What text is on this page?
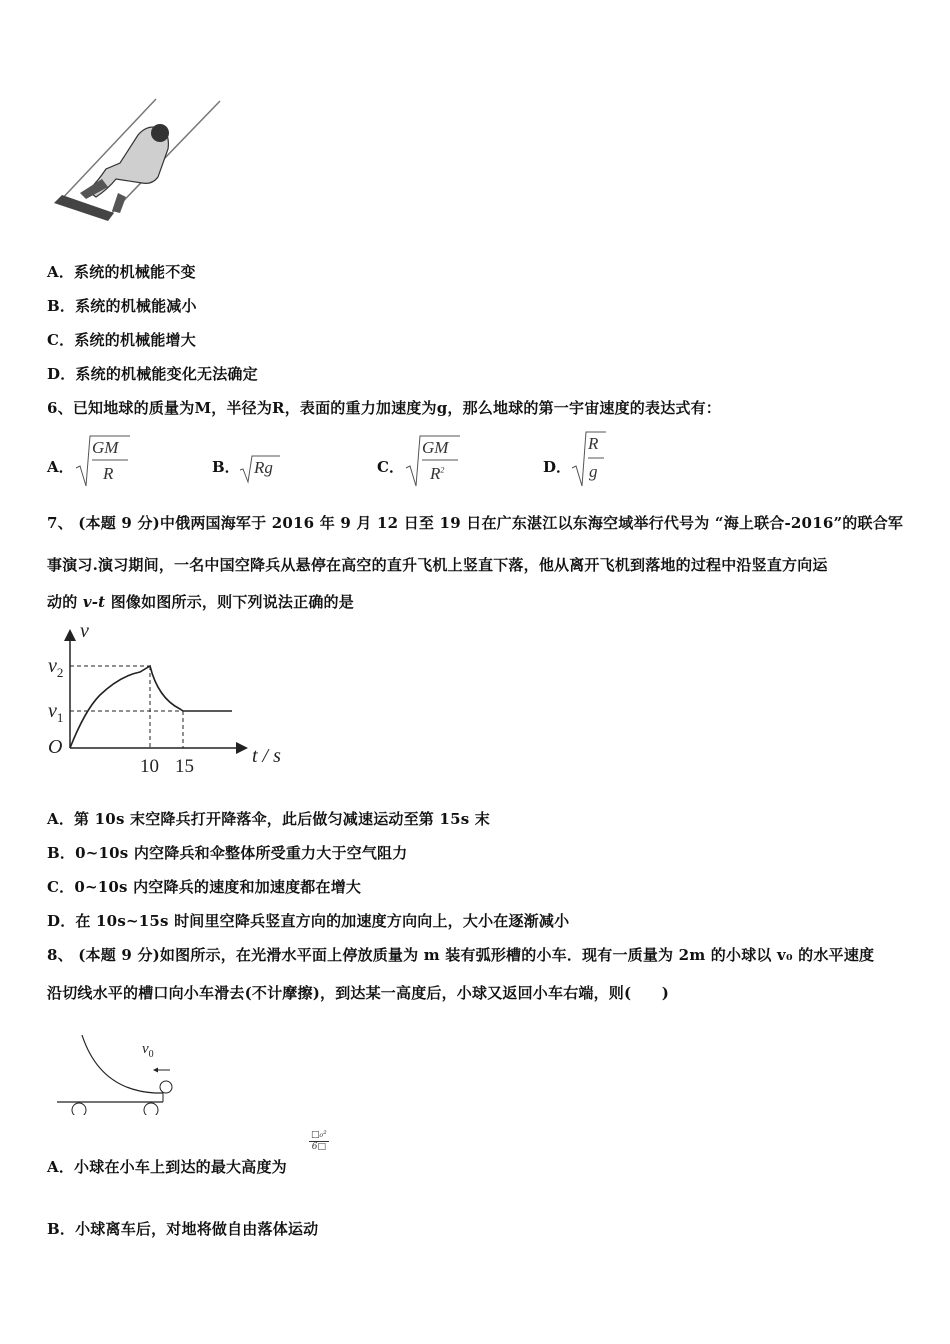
A．系统的机械能不变
B．系统的机械能减小
C．系统的机械能增大
D．系统的机械能变化无法确定
6、已知地球的质量为M，半径为R，表面的重力加速度为g，那么地球的第一宇宙速度的表达式有：
A．
GM
R	B． Rg	C．
GM
$R^2$	D．
R
g
7、 (本题 9 分)中俄两国海军于 2016 年 9 月 12 日至 19 日在广东湛江以东海空域举行代号为 “海上联合-2016”的联合军
事演习.演习期间，一名中国空降兵从悬停在高空的直升飞机上竖直下落，他从离开飞机到落地的过程中沿竖直方向运
动的 v-t 图像如图所示，则下列说法正确的是
v
$v_2$
$v_1$
O
10 15	t / s
A．第 10s 末空降兵打开降落伞，此后做匀减速运动至第 15s 末
B．0~10s 内空降兵和伞整体所受重力大于空气阻力
C．0~10s 内空降兵的速度和加速度都在增大
D．在 10s~15s 时间里空降兵竖直方向的加速度方向向上，大小在逐渐减小
8、 (本题 9 分)如图所示，在光滑水平面上停放质量为 m 装有弧形槽的小车．现有一质量为 2m 的小球以 v₀ 的水平速度
沿切线水平的槽口向小车滑去(不计摩擦)，到达某一高度后，小球又返回小车右端，则(　　)
$v_0$
A．小球在小车上到达的最大高度为
□₀²
6□
B．小球离车后，对地将做自由落体运动
